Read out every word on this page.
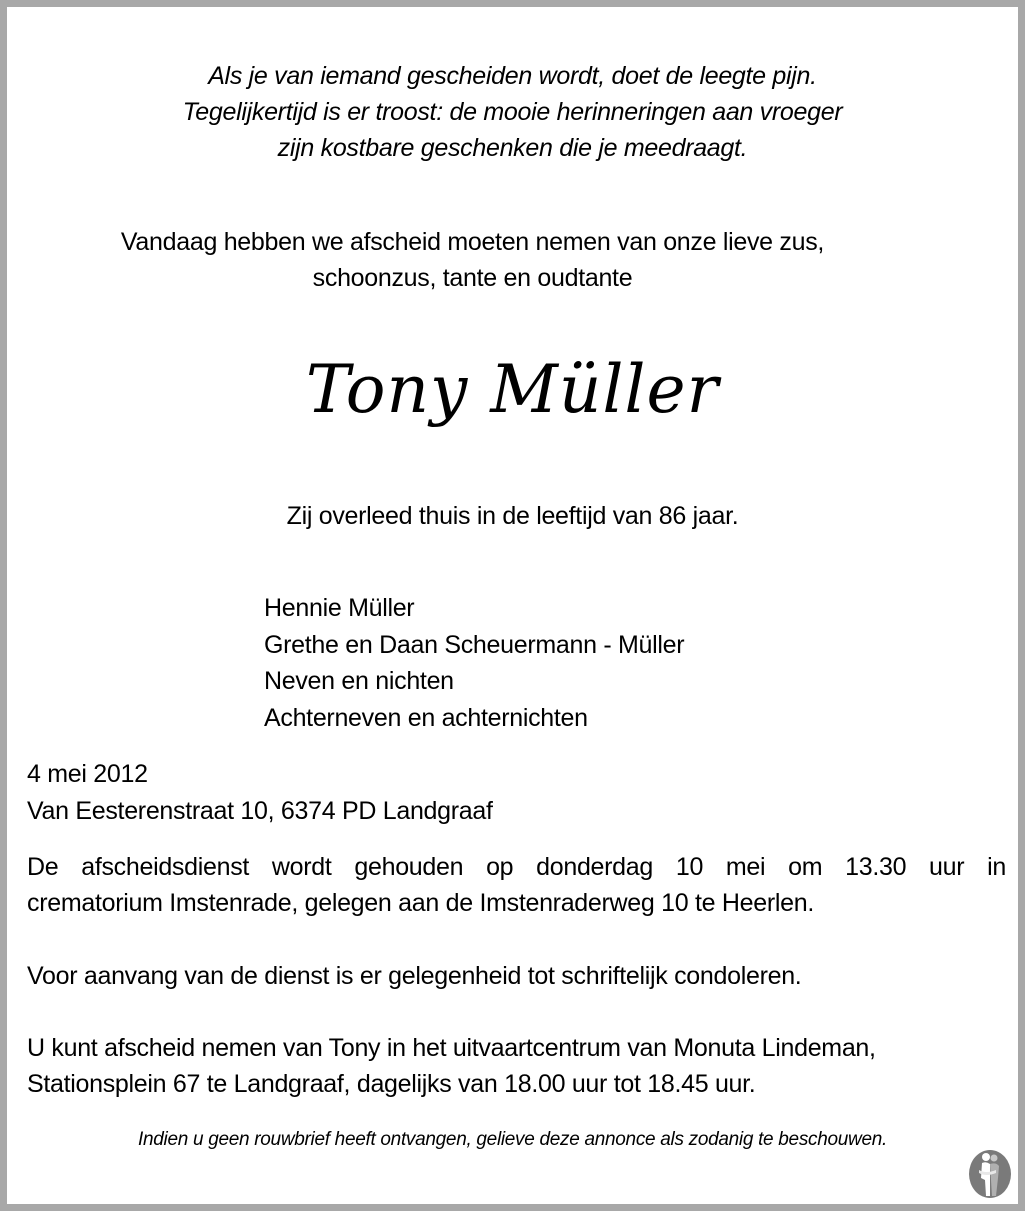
Als je van iemand gescheiden wordt, doet de leegte pijn.
Tegelijkertijd is er troost: de mooie herinneringen aan vroeger
zijn kostbare geschenken die je meedraagt.
Vandaag hebben we afscheid moeten nemen van onze lieve zus,
schoonzus, tante en oudtante
Tony Müller
Zij overleed thuis in de leeftijd van 86 jaar.
Hennie Müller
Grethe en Daan Scheuermann - Müller
Neven en nichten
Achterneven en achternichten
4 mei 2012
Van Eesterenstraat 10, 6374 PD Landgraaf
De afscheidsdienst wordt gehouden op donderdag 10 mei om 13.30 uur in
crematorium Imstenrade, gelegen aan de Imstenraderweg 10 te Heerlen.
Voor aanvang van de dienst is er gelegenheid tot schriftelijk condoleren.
U kunt afscheid nemen van Tony in het uitvaartcentrum van Monuta Lindeman,
Stationsplein 67 te Landgraaf, dagelijks van 18.00 uur tot 18.45 uur.
Indien u geen rouwbrief heeft ontvangen, gelieve deze annonce als zodanig te beschouwen.
